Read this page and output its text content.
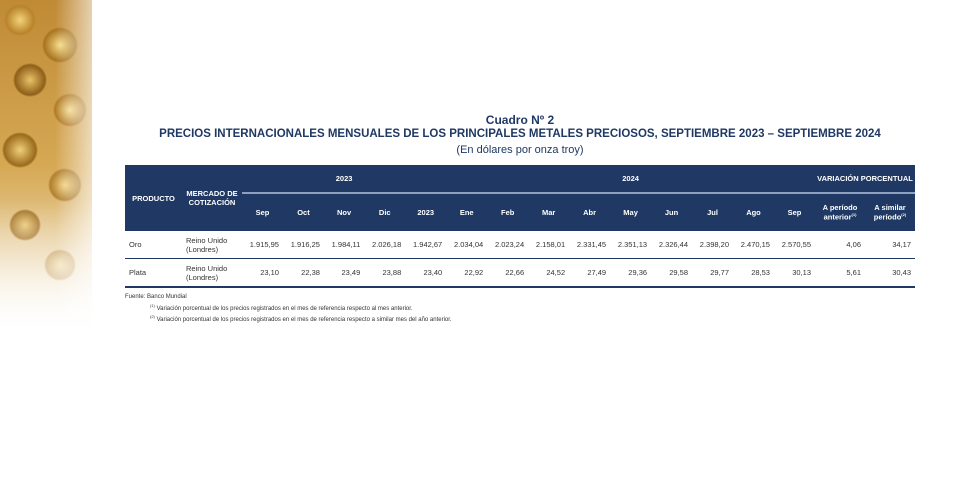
Cuadro Nº 2
PRECIOS INTERNACIONALES MENSUALES DE LOS PRINCIPALES METALES PRECIOSOS, SEPTIEMBRE 2023 – SEPTIEMBRE 2024
(En dólares por onza troy)
PRODUCTO	MERCADO DE COTIZACIÓN	2023					2024									VARIACIÓN PORCENTUAL	
		Sep	Oct	Nov	Dic	2023	Ene	Feb	Mar	Abr	May	Jun	Jul	Ago	Sep	A período anterior$^{(1)}$	A similar período$^{(2)}$
Oro	Reino Unido (Londres)	1.915,95	1.916,25	1.984,11	2.026,18	1.942,67	2.034,04	2.023,24	2.158,01	2.331,45	2.351,13	2.326,44	2.398,20	2.470,15	2.570,55	4,06	34,17
Plata	Reino Unido (Londres)	23,10	22,38	23,49	23,88	23,40	22,92	22,66	24,52	27,49	29,36	29,58	29,77	28,53	30,13	5,61	30,43
Fuente: Banco Mundial
$^{(1)}$ Variación porcentual de los precios registrados en el mes de referencia respecto al mes anterior.
$^{(2)}$ Variación porcentual de los precios registrados en el mes de referencia respecto a similar mes del año anterior.
